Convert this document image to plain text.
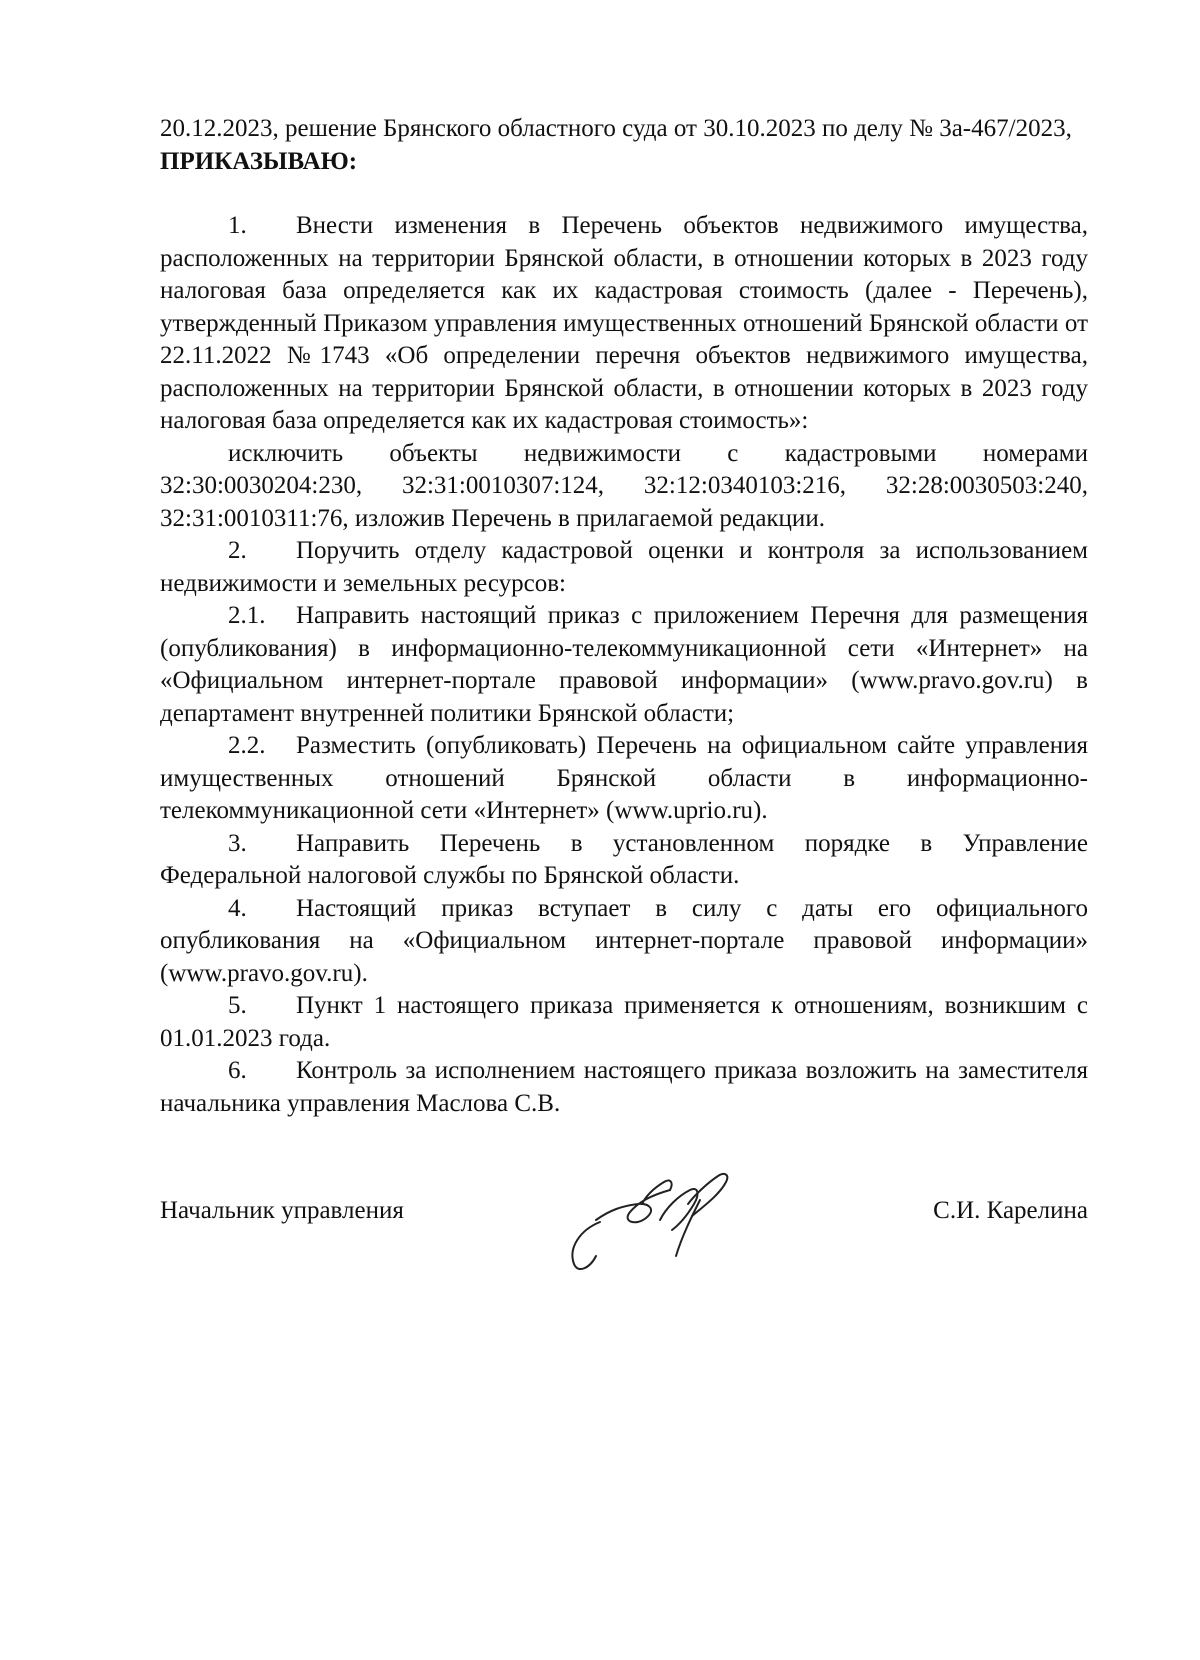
20.12.2023, решение Брянского областного суда от 30.10.2023 по делу № 3а-467/2023,

ПРИКАЗЫВАЮ:

1. Внести изменения в Перечень объектов недвижимого имущества, расположенных на территории Брянской области, в отношении которых в 2023 году налоговая база определяется как их кадастровая стоимость (далее - Перечень), утвержденный Приказом управления имущественных отношений Брянской области от 22.11.2022 №1743 «Об определении перечня объектов недвижимого имущества, расположенных на территории Брянской области, в отношении которых в 2023 году налоговая база определяется как их кадастровая стоимость»:

исключить объекты недвижимости с кадастровыми номерами 32:30:0030204:230, 32:31:0010307:124, 32:12:0340103:216, 32:28:0030503:240, 32:31:0010311:76, изложив Перечень в прилагаемой редакции.

2. Поручить отделу кадастровой оценки и контроля за использованием недвижимости и земельных ресурсов:

2.1. Направить настоящий приказ с приложением Перечня для размещения (опубликования) в информационно-телекоммуникационной сети «Интернет» на «Официальном интернет-портале правовой информации» (www.pravo.gov.ru) в департамент внутренней политики Брянской области;

2.2. Разместить (опубликовать) Перечень на официальном сайте управления имущественных отношений Брянской области в информационно-телекоммуникационной сети «Интернет» (www.uprio.ru).

3. Направить Перечень в установленном порядке в Управление Федеральной налоговой службы по Брянской области.

4. Настоящий приказ вступает в силу с даты его официального опубликования на «Официальном интернет-портале правовой информации» (www.pravo.gov.ru).

5. Пункт 1 настоящего приказа применяется к отношениям, возникшим с 01.01.2023 года.

6. Контроль за исполнением настоящего приказа возложить на заместителя начальника управления Маслова С.В.

Начальник управления	С.И. Карелина
